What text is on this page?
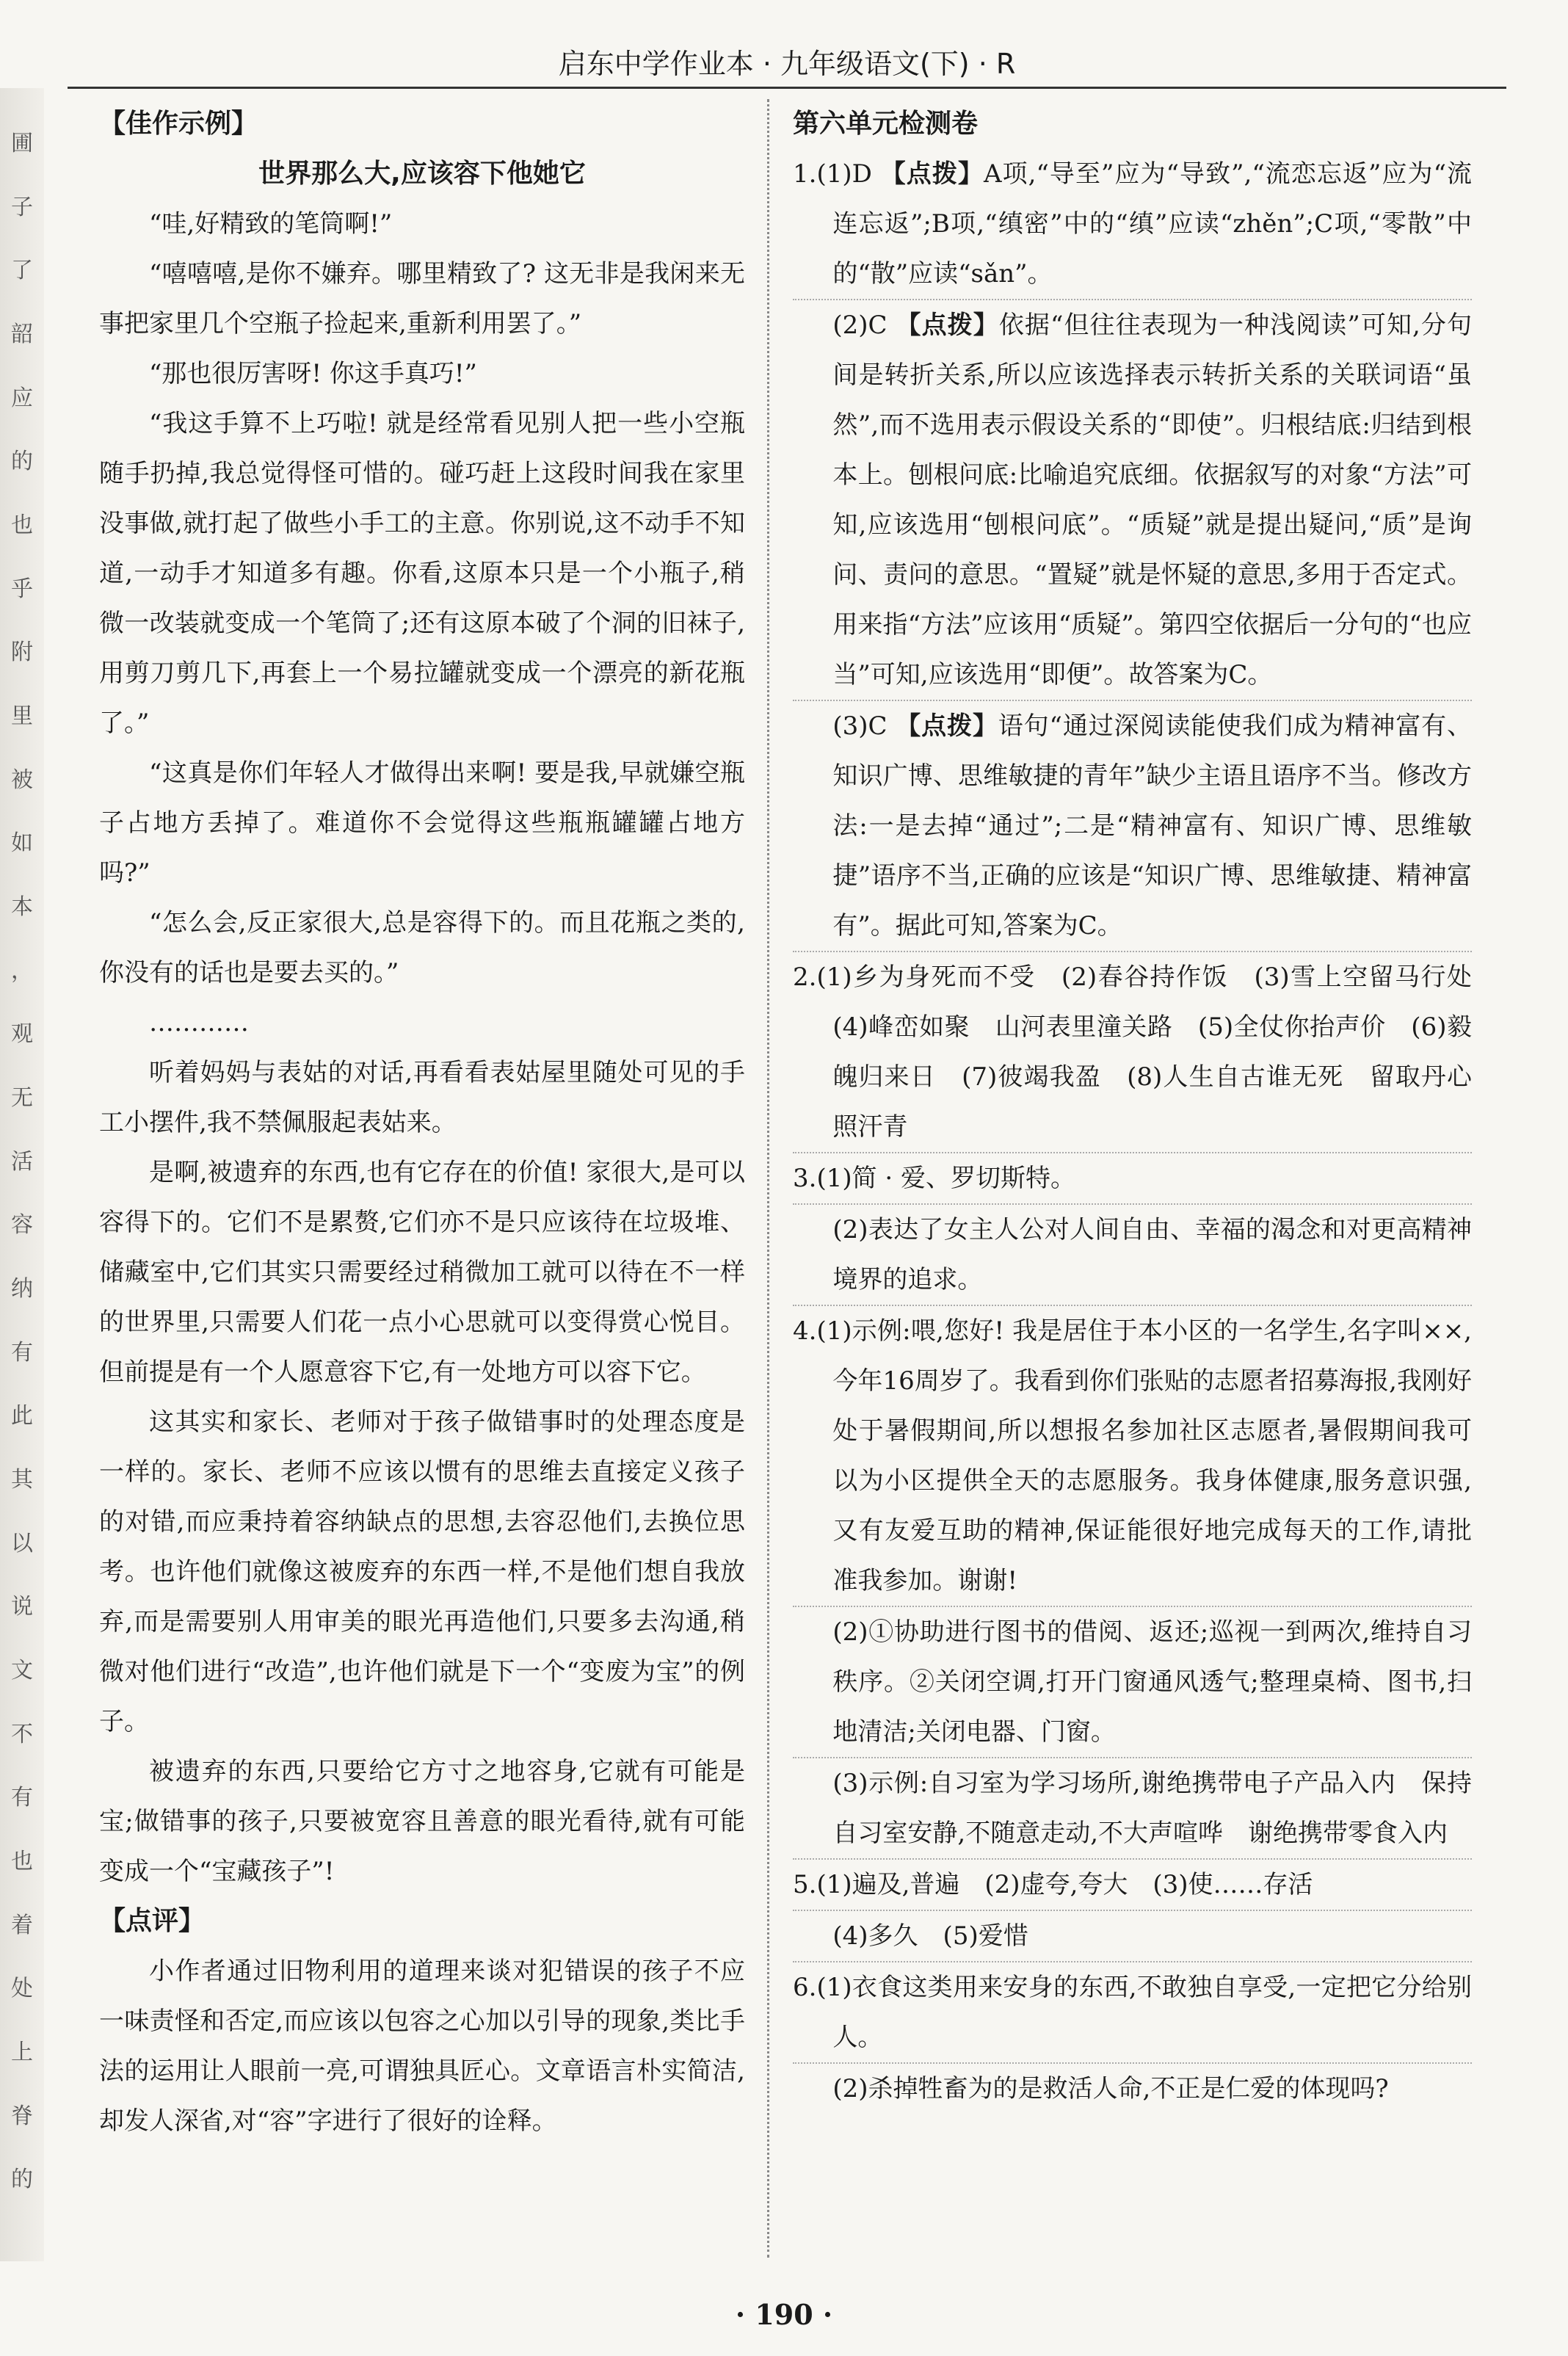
圃
子
了
韶
应
的
也
乎
附
里
被
如
本
，
观
无
活
容
纳
有
此
其
以
说
文
不
有
也
着
处
上
脊
的
启东中学作业本 · 九年级语文(下) · R
【佳作示例】
世界那么大,应该容下他她它

“哇,好精致的笔筒啊!”

“嘻嘻嘻,是你不嫌弃。哪里精致了? 这无非是我闲来无事把家里几个空瓶子捡起来,重新利用罢了。”

“那也很厉害呀! 你这手真巧!”

“我这手算不上巧啦! 就是经常看见别人把一些小空瓶随手扔掉,我总觉得怪可惜的。碰巧赶上这段时间我在家里没事做,就打起了做些小手工的主意。你别说,这不动手不知道,一动手才知道多有趣。你看,这原本只是一个小瓶子,稍微一改装就变成一个笔筒了;还有这原本破了个洞的旧袜子,用剪刀剪几下,再套上一个易拉罐就变成一个漂亮的新花瓶了。”

“这真是你们年轻人才做得出来啊! 要是我,早就嫌空瓶子占地方丢掉了。难道你不会觉得这些瓶瓶罐罐占地方吗?”

“怎么会,反正家很大,总是容得下的。而且花瓶之类的,你没有的话也是要去买的。”

…………

听着妈妈与表姑的对话,再看看表姑屋里随处可见的手工小摆件,我不禁佩服起表姑来。

是啊,被遗弃的东西,也有它存在的价值! 家很大,是可以容得下的。它们不是累赘,它们亦不是只应该待在垃圾堆、储藏室中,它们其实只需要经过稍微加工就可以待在不一样的世界里,只需要人们花一点小心思就可以变得赏心悦目。但前提是有一个人愿意容下它,有一处地方可以容下它。

这其实和家长、老师对于孩子做错事时的处理态度是一样的。家长、老师不应该以惯有的思维去直接定义孩子的对错,而应秉持着容纳缺点的思想,去容忍他们,去换位思考。也许他们就像这被废弃的东西一样,不是他们想自我放弃,而是需要别人用审美的眼光再造他们,只要多去沟通,稍微对他们进行“改造”,也许他们就是下一个“变废为宝”的例子。

被遗弃的东西,只要给它方寸之地容身,它就有可能是宝;做错事的孩子,只要被宽容且善意的眼光看待,就有可能变成一个“宝藏孩子”!

【点评】

小作者通过旧物利用的道理来谈对犯错误的孩子不应一味责怪和否定,而应该以包容之心加以引导的现象,类比手法的运用让人眼前一亮,可谓独具匠心。文章语言朴实简洁,却发人深省,对“容”字进行了很好的诠释。

第六单元检测卷

1.(1)D 【点拨】A项,“导至”应为“导致”,“流恋忘返”应为“流连忘返”;B项,“缜密”中的“缜”应读“zhěn”;C项,“零散”中的“散”应读“sǎn”。

(2)C 【点拨】依据“但往往表现为一种浅阅读”可知,分句间是转折关系,所以应该选择表示转折关系的关联词语“虽然”,而不选用表示假设关系的“即使”。归根结底:归结到根本上。刨根问底:比喻追究底细。依据叙写的对象“方法”可知,应该选用“刨根问底”。“质疑”就是提出疑问,“质”是询问、责问的意思。“置疑”就是怀疑的意思,多用于否定式。用来指“方法”应该用“质疑”。第四空依据后一分句的“也应当”可知,应该选用“即便”。故答案为C。

(3)C 【点拨】语句“通过深阅读能使我们成为精神富有、知识广博、思维敏捷的青年”缺少主语且语序不当。修改方法:一是去掉“通过”;二是“精神富有、知识广博、思维敏捷”语序不当,正确的应该是“知识广博、思维敏捷、精神富有”。据此可知,答案为C。

2.(1)乡为身死而不受　(2)春谷持作饭　(3)雪上空留马行处　(4)峰峦如聚　山河表里潼关路　(5)全仗你抬声价　(6)毅魄归来日　(7)彼竭我盈　(8)人生自古谁无死　留取丹心照汗青

3.(1)简 · 爱、罗切斯特。

(2)表达了女主人公对人间自由、幸福的渴念和对更高精神境界的追求。

4.(1)示例:喂,您好! 我是居住于本小区的一名学生,名字叫××,今年16周岁了。我看到你们张贴的志愿者招募海报,我刚好处于暑假期间,所以想报名参加社区志愿者,暑假期间我可以为小区提供全天的志愿服务。我身体健康,服务意识强,又有友爱互助的精神,保证能很好地完成每天的工作,请批准我参加。谢谢!

(2)①协助进行图书的借阅、返还;巡视一到两次,维持自习秩序。②关闭空调,打开门窗通风透气;整理桌椅、图书,扫地清洁;关闭电器、门窗。

(3)示例:自习室为学习场所,谢绝携带电子产品入内　保持自习室安静,不随意走动,不大声喧哗　谢绝携带零食入内

5.(1)遍及,普遍　(2)虚夸,夸大　(3)使……存活

(4)多久　(5)爱惜

6.(1)衣食这类用来安身的东西,不敢独自享受,一定把它分给别人。

(2)杀掉牲畜为的是救活人命,不正是仁爱的体现吗?

· 190 ·
